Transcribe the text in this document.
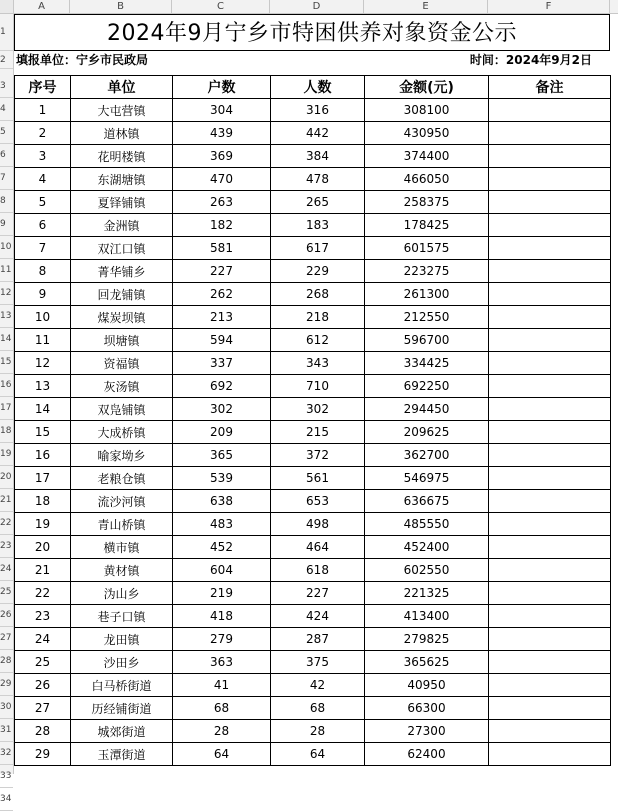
A	B	C	D	E	F
1
2
3
4
5
6
7
8
9
10
11
12
13
14
15
16
17
18
19
20
21
22
23
24
25
26
27
28
29
30
31
32
33
34
2024年9月宁乡市特困供养对象资金公示
填报单位：宁乡市民政局	时间：2024年9月2日
序号	单位	户数	人数	金额(元)	备注
1	大屯营镇	304	316	308100	
2	道林镇	439	442	430950	
3	花明楼镇	369	384	374400	
4	东湖塘镇	470	478	466050	
5	夏铎铺镇	263	265	258375	
6	金洲镇	182	183	178425	
7	双江口镇	581	617	601575	
8	菁华铺乡	227	229	223275	
9	回龙铺镇	262	268	261300	
10	煤炭坝镇	213	218	212550	
11	坝塘镇	594	612	596700	
12	资福镇	337	343	334425	
13	灰汤镇	692	710	692250	
14	双凫铺镇	302	302	294450	
15	大成桥镇	209	215	209625	
16	喻家坳乡	365	372	362700	
17	老粮仓镇	539	561	546975	
18	流沙河镇	638	653	636675	
19	青山桥镇	483	498	485550	
20	横市镇	452	464	452400	
21	黄材镇	604	618	602550	
22	沩山乡	219	227	221325	
23	巷子口镇	418	424	413400	
24	龙田镇	279	287	279825	
25	沙田乡	363	375	365625	
26	白马桥街道	41	42	40950	
27	历经铺街道	68	68	66300	
28	城郊街道	28	28	27300	
29	玉潭街道	64	64	62400	
